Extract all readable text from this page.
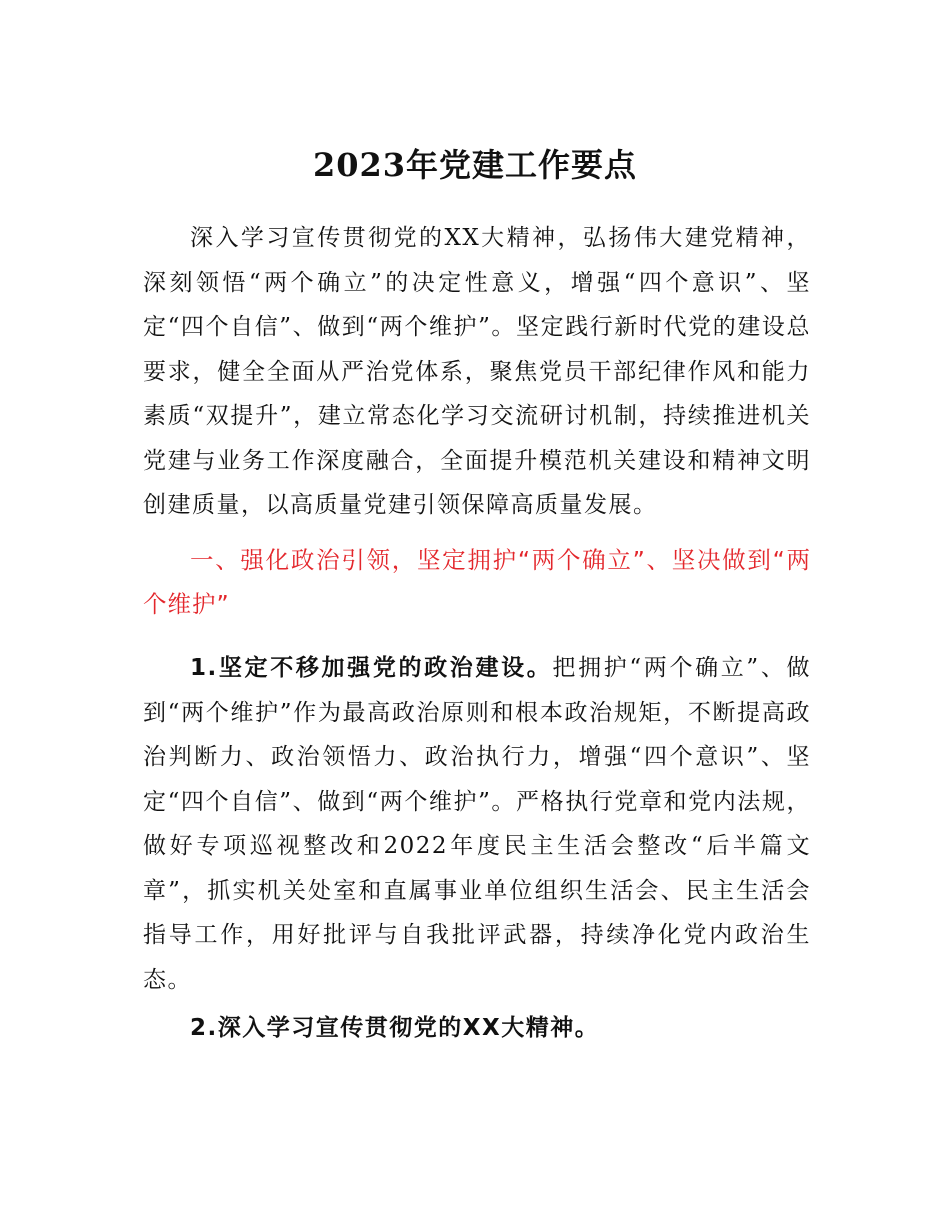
2023年党建工作要点

深入学习宣传贯彻党的XX大精神，弘扬伟大建党精神，深刻领悟“两个确立”的决定性意义，增强“四个意识”、坚定“四个自信”、做到“两个维护”。坚定践行新时代党的建设总要求，健全全面从严治党体系，聚焦党员干部纪律作风和能力素质“双提升”，建立常态化学习交流研讨机制，持续推进机关党建与业务工作深度融合，全面提升模范机关建设和精神文明创建质量，以高质量党建引领保障高质量发展。

一、强化政治引领，坚定拥护“两个确立”、坚决做到“两个维护”

1.坚定不移加强党的政治建设。把拥护“两个确立”、做到“两个维护”作为最高政治原则和根本政治规矩，不断提高政治判断力、政治领悟力、政治执行力，增强“四个意识”、坚定“四个自信”、做到“两个维护”。严格执行党章和党内法规，做好专项巡视整改和2022年度民主生活会整改“后半篇文章”，抓实机关处室和直属事业单位组织生活会、民主生活会指导工作，用好批评与自我批评武器，持续净化党内政治生态。

2.深入学习宣传贯彻党的XX大精神。
